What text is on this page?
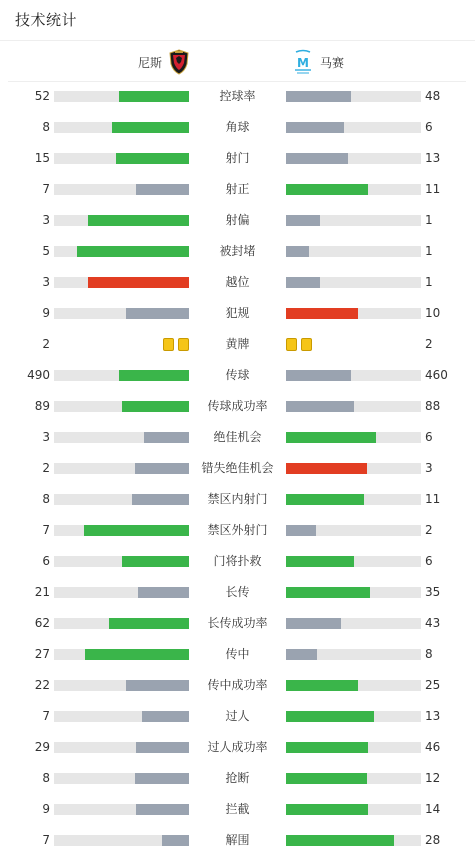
技术统计
尼斯	M 马赛
52	控球率	48
8	角球	6
15	射门	13
7	射正	11
3	射偏	1
5	被封堵	1
3	越位	1
9	犯规	10
2	黄牌	2
490	传球	460
89	传球成功率	88
3	绝佳机会	6
2	错失绝佳机会	3
8	禁区内射门	11
7	禁区外射门	2
6	门将扑救	6
21	长传	35
62	长传成功率	43
27	传中	8
22	传中成功率	25
7	过人	13
29	过人成功率	46
8	抢断	12
9	拦截	14
7	解围	28
